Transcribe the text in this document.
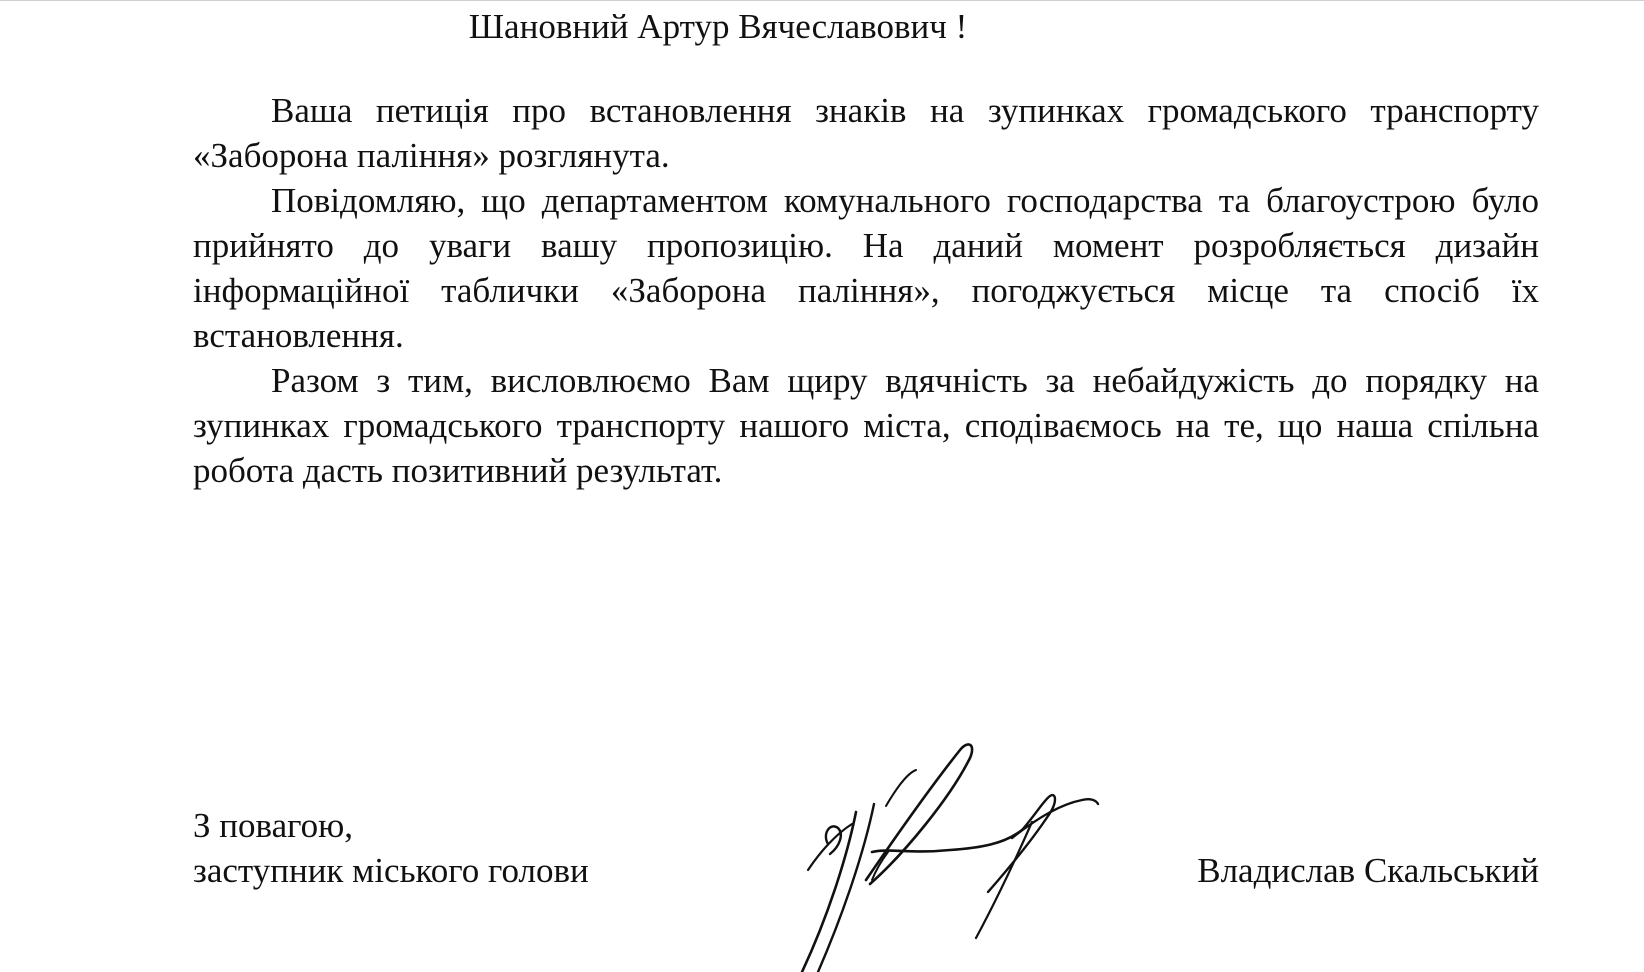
Шановний Артур Вячеславович !

Ваша петиція про встановлення знаків на зупинках громадського транспорту «Заборона паління» розглянута.

Повідомляю, що департаментом комунального господарства та благоустрою було прийнято до уваги вашу пропозицію. На даний момент розробляється дизайн інформаційної таблички «Заборона паління», погоджується місце та спосіб їх встановлення.

Разом з тим, висловлюємо Вам щиру вдячність за небайдужість до порядку на зупинках громадського транспорту нашого міста, сподіваємось на те, що наша спільна робота дасть позитивний результат.

З повагою,
заступник міського голови	Владислав Скальський
